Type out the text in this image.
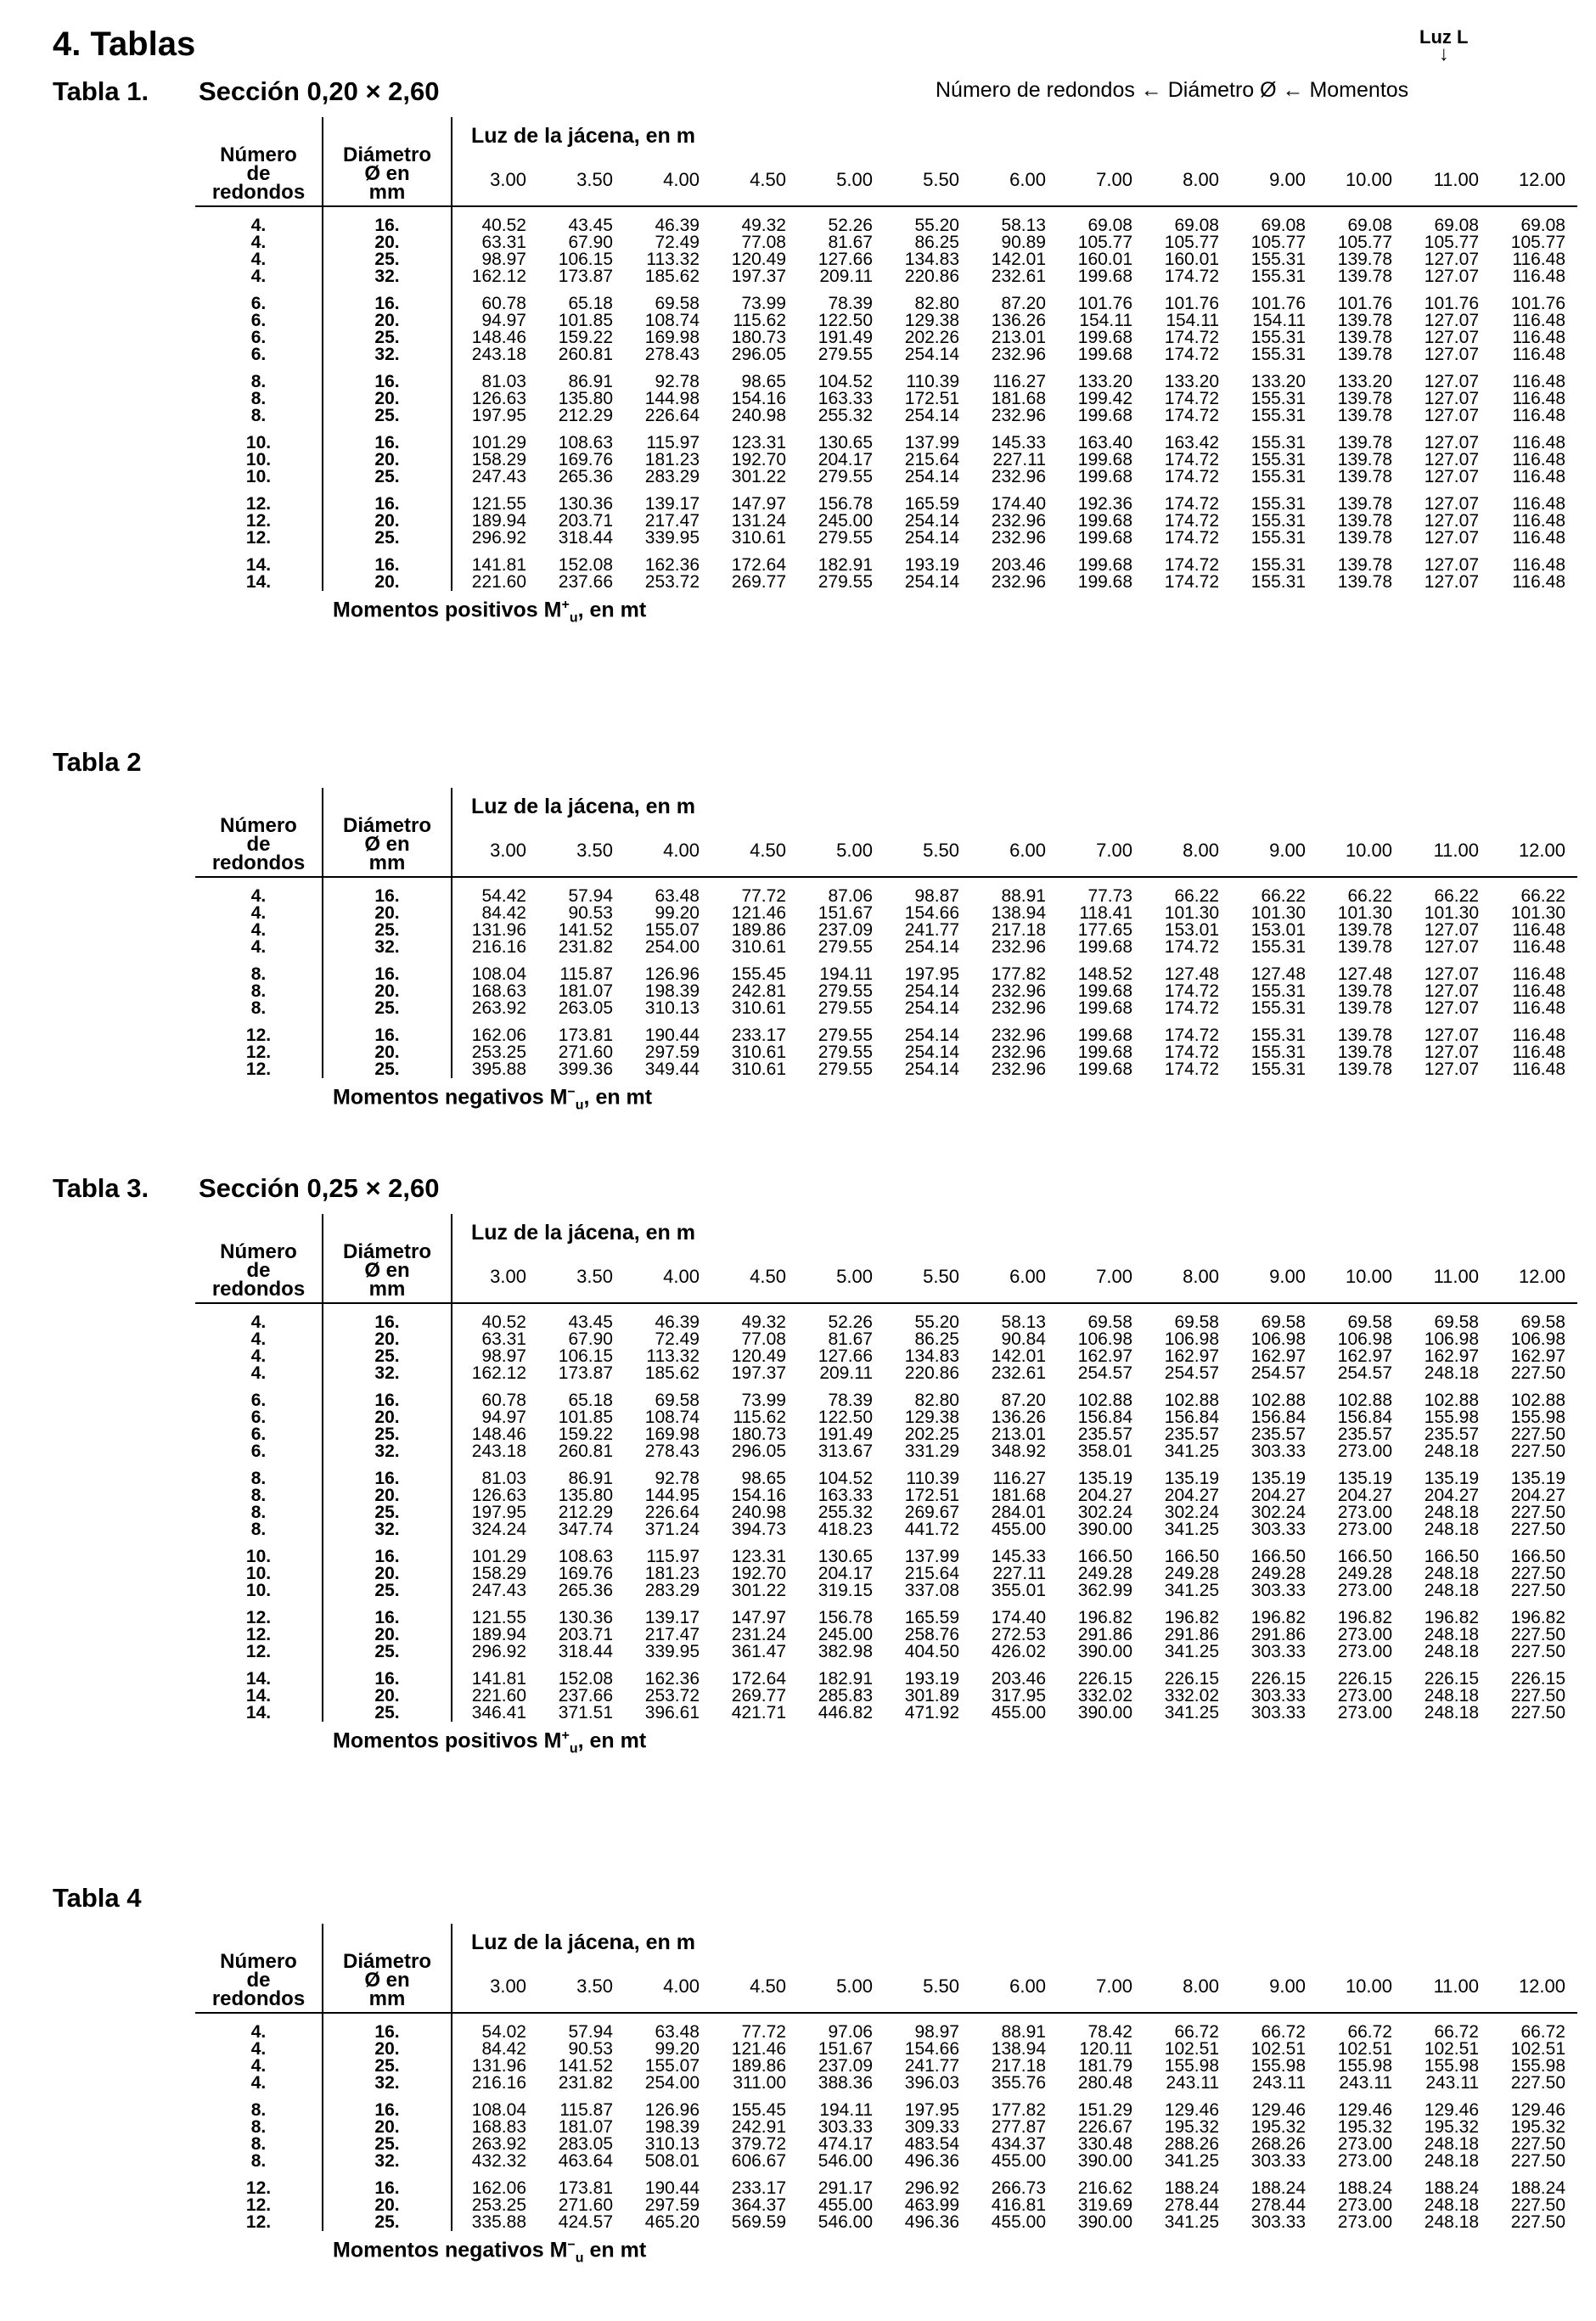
4. Tablas	Luz L
↓
Número de redondos ← Diámetro Ø ← Momentos
Tabla 1. Sección 0,20 × 2,60
Número
de
redondos	Diámetro
Ø en
mm	Luz de la jácena, en m												
		3.00	3.50	4.00	4.50	5.00	5.50	6.00	7.00	8.00	9.00	10.00	11.00	12.00

4.	16.	40.52	43.45	46.39	49.32	52.26	55.20	58.13	69.08	69.08	69.08	69.08	69.08	69.08
4.	20.	63.31	67.90	72.49	77.08	81.67	86.25	90.89	105.77	105.77	105.77	105.77	105.77	105.77
4.	25.	98.97	106.15	113.32	120.49	127.66	134.83	142.01	160.01	160.01	155.31	139.78	127.07	116.48
4.	32.	162.12	173.87	185.62	197.37	209.11	220.86	232.61	199.68	174.72	155.31	139.78	127.07	116.48

6.	16.	60.78	65.18	69.58	73.99	78.39	82.80	87.20	101.76	101.76	101.76	101.76	101.76	101.76
6.	20.	94.97	101.85	108.74	115.62	122.50	129.38	136.26	154.11	154.11	154.11	139.78	127.07	116.48
6.	25.	148.46	159.22	169.98	180.73	191.49	202.26	213.01	199.68	174.72	155.31	139.78	127.07	116.48
6.	32.	243.18	260.81	278.43	296.05	279.55	254.14	232.96	199.68	174.72	155.31	139.78	127.07	116.48

8.	16.	81.03	86.91	92.78	98.65	104.52	110.39	116.27	133.20	133.20	133.20	133.20	127.07	116.48
8.	20.	126.63	135.80	144.98	154.16	163.33	172.51	181.68	199.42	174.72	155.31	139.78	127.07	116.48
8.	25.	197.95	212.29	226.64	240.98	255.32	254.14	232.96	199.68	174.72	155.31	139.78	127.07	116.48

10.	16.	101.29	108.63	115.97	123.31	130.65	137.99	145.33	163.40	163.42	155.31	139.78	127.07	116.48
10.	20.	158.29	169.76	181.23	192.70	204.17	215.64	227.11	199.68	174.72	155.31	139.78	127.07	116.48
10.	25.	247.43	265.36	283.29	301.22	279.55	254.14	232.96	199.68	174.72	155.31	139.78	127.07	116.48

12.	16.	121.55	130.36	139.17	147.97	156.78	165.59	174.40	192.36	174.72	155.31	139.78	127.07	116.48
12.	20.	189.94	203.71	217.47	131.24	245.00	254.14	232.96	199.68	174.72	155.31	139.78	127.07	116.48
12.	25.	296.92	318.44	339.95	310.61	279.55	254.14	232.96	199.68	174.72	155.31	139.78	127.07	116.48

14.	16.	141.81	152.08	162.36	172.64	182.91	193.19	203.46	199.68	174.72	155.31	139.78	127.07	116.48
14.	20.	221.60	237.66	253.72	269.77	279.55	254.14	232.96	199.68	174.72	155.31	139.78	127.07	116.48
Momentos positivos $M^+_u$, en mt
Tabla 2
Número
de
redondos	Diámetro
Ø en
mm	Luz de la jácena, en m												
		3.00	3.50	4.00	4.50	5.00	5.50	6.00	7.00	8.00	9.00	10.00	11.00	12.00

4.	16.	54.42	57.94	63.48	77.72	87.06	98.87	88.91	77.73	66.22	66.22	66.22	66.22	66.22
4.	20.	84.42	90.53	99.20	121.46	151.67	154.66	138.94	118.41	101.30	101.30	101.30	101.30	101.30
4.	25.	131.96	141.52	155.07	189.86	237.09	241.77	217.18	177.65	153.01	153.01	139.78	127.07	116.48
4.	32.	216.16	231.82	254.00	310.61	279.55	254.14	232.96	199.68	174.72	155.31	139.78	127.07	116.48

8.	16.	108.04	115.87	126.96	155.45	194.11	197.95	177.82	148.52	127.48	127.48	127.48	127.07	116.48
8.	20.	168.63	181.07	198.39	242.81	279.55	254.14	232.96	199.68	174.72	155.31	139.78	127.07	116.48
8.	25.	263.92	263.05	310.13	310.61	279.55	254.14	232.96	199.68	174.72	155.31	139.78	127.07	116.48

12.	16.	162.06	173.81	190.44	233.17	279.55	254.14	232.96	199.68	174.72	155.31	139.78	127.07	116.48
12.	20.	253.25	271.60	297.59	310.61	279.55	254.14	232.96	199.68	174.72	155.31	139.78	127.07	116.48
12.	25.	395.88	399.36	349.44	310.61	279.55	254.14	232.96	199.68	174.72	155.31	139.78	127.07	116.48
Momentos negativos $M^-_u$, en mt
Tabla 3. Sección 0,25 × 2,60
Número
de
redondos	Diámetro
Ø en
mm	Luz de la jácena, en m												
		3.00	3.50	4.00	4.50	5.00	5.50	6.00	7.00	8.00	9.00	10.00	11.00	12.00

4.	16.	40.52	43.45	46.39	49.32	52.26	55.20	58.13	69.58	69.58	69.58	69.58	69.58	69.58
4.	20.	63.31	67.90	72.49	77.08	81.67	86.25	90.84	106.98	106.98	106.98	106.98	106.98	106.98
4.	25.	98.97	106.15	113.32	120.49	127.66	134.83	142.01	162.97	162.97	162.97	162.97	162.97	162.97
4.	32.	162.12	173.87	185.62	197.37	209.11	220.86	232.61	254.57	254.57	254.57	254.57	248.18	227.50

6.	16.	60.78	65.18	69.58	73.99	78.39	82.80	87.20	102.88	102.88	102.88	102.88	102.88	102.88
6.	20.	94.97	101.85	108.74	115.62	122.50	129.38	136.26	156.84	156.84	156.84	156.84	155.98	155.98
6.	25.	148.46	159.22	169.98	180.73	191.49	202.25	213.01	235.57	235.57	235.57	235.57	235.57	227.50
6.	32.	243.18	260.81	278.43	296.05	313.67	331.29	348.92	358.01	341.25	303.33	273.00	248.18	227.50

8.	16.	81.03	86.91	92.78	98.65	104.52	110.39	116.27	135.19	135.19	135.19	135.19	135.19	135.19
8.	20.	126.63	135.80	144.95	154.16	163.33	172.51	181.68	204.27	204.27	204.27	204.27	204.27	204.27
8.	25.	197.95	212.29	226.64	240.98	255.32	269.67	284.01	302.24	302.24	302.24	273.00	248.18	227.50
8.	32.	324.24	347.74	371.24	394.73	418.23	441.72	455.00	390.00	341.25	303.33	273.00	248.18	227.50

10.	16.	101.29	108.63	115.97	123.31	130.65	137.99	145.33	166.50	166.50	166.50	166.50	166.50	166.50
10.	20.	158.29	169.76	181.23	192.70	204.17	215.64	227.11	249.28	249.28	249.28	249.28	248.18	227.50
10.	25.	247.43	265.36	283.29	301.22	319.15	337.08	355.01	362.99	341.25	303.33	273.00	248.18	227.50

12.	16.	121.55	130.36	139.17	147.97	156.78	165.59	174.40	196.82	196.82	196.82	196.82	196.82	196.82
12.	20.	189.94	203.71	217.47	231.24	245.00	258.76	272.53	291.86	291.86	291.86	273.00	248.18	227.50
12.	25.	296.92	318.44	339.95	361.47	382.98	404.50	426.02	390.00	341.25	303.33	273.00	248.18	227.50

14.	16.	141.81	152.08	162.36	172.64	182.91	193.19	203.46	226.15	226.15	226.15	226.15	226.15	226.15
14.	20.	221.60	237.66	253.72	269.77	285.83	301.89	317.95	332.02	332.02	303.33	273.00	248.18	227.50
14.	25.	346.41	371.51	396.61	421.71	446.82	471.92	455.00	390.00	341.25	303.33	273.00	248.18	227.50
Momentos positivos $M^+_u$, en mt
Tabla 4
Número
de
redondos	Diámetro
Ø en
mm	Luz de la jácena, en m												
		3.00	3.50	4.00	4.50	5.00	5.50	6.00	7.00	8.00	9.00	10.00	11.00	12.00

4.	16.	54.02	57.94	63.48	77.72	97.06	98.97	88.91	78.42	66.72	66.72	66.72	66.72	66.72
4.	20.	84.42	90.53	99.20	121.46	151.67	154.66	138.94	120.11	102.51	102.51	102.51	102.51	102.51
4.	25.	131.96	141.52	155.07	189.86	237.09	241.77	217.18	181.79	155.98	155.98	155.98	155.98	155.98
4.	32.	216.16	231.82	254.00	311.00	388.36	396.03	355.76	280.48	243.11	243.11	243.11	243.11	227.50

8.	16.	108.04	115.87	126.96	155.45	194.11	197.95	177.82	151.29	129.46	129.46	129.46	129.46	129.46
8.	20.	168.83	181.07	198.39	242.91	303.33	309.33	277.87	226.67	195.32	195.32	195.32	195.32	195.32
8.	25.	263.92	283.05	310.13	379.72	474.17	483.54	434.37	330.48	288.26	268.26	273.00	248.18	227.50
8.	32.	432.32	463.64	508.01	606.67	546.00	496.36	455.00	390.00	341.25	303.33	273.00	248.18	227.50

12.	16.	162.06	173.81	190.44	233.17	291.17	296.92	266.73	216.62	188.24	188.24	188.24	188.24	188.24
12.	20.	253.25	271.60	297.59	364.37	455.00	463.99	416.81	319.69	278.44	278.44	273.00	248.18	227.50
12.	25.	335.88	424.57	465.20	569.59	546.00	496.36	455.00	390.00	341.25	303.33	273.00	248.18	227.50
Momentos negativos $M^-_u$ en mt
